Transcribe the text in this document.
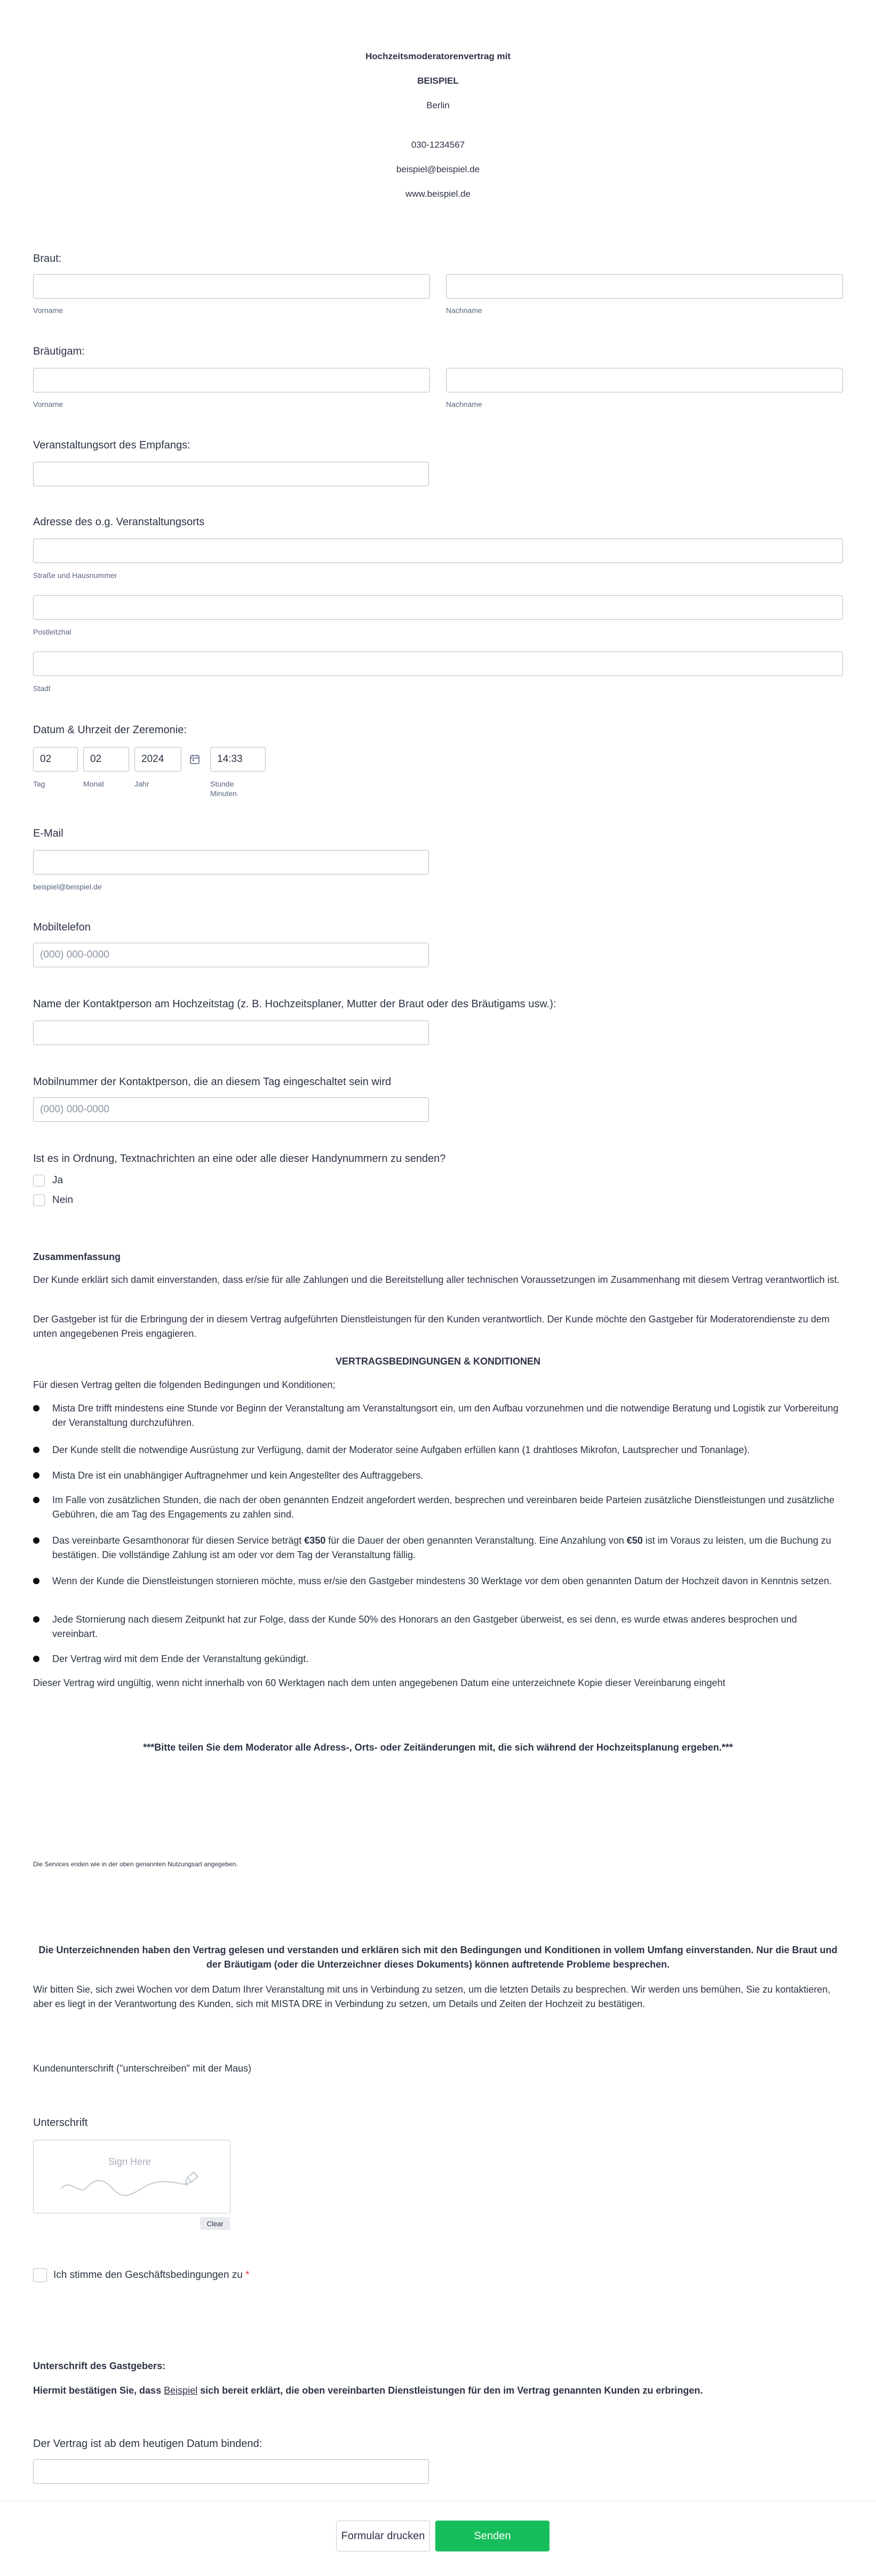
Hochzeitsmoderatorenvertrag mit
BEISPIEL
Berlin
030-1234567
beispiel@beispiel.de
www.beispiel.de
Braut:
Vorname	Nachname
Bräutigam:
Vorname	Nachname
Veranstaltungsort des Empfangs:
Adresse des o.g. Veranstaltungsorts
Straße und Hausnummer
Postleitzhal
Stadt
Datum & Uhrzeit der Zeremonie:
02	02	2024	14:33
Tag	Monat	Jahr	Stunde
Minuten
E-Mail
beispiel@beispiel.de
Mobiltelefon
(000) 000-0000
Name der Kontaktperson am Hochzeitstag (z. B. Hochzeitsplaner, Mutter der Braut oder des Bräutigams usw.):
Mobilnummer der Kontaktperson, die an diesem Tag eingeschaltet sein wird
(000) 000-0000
Ist es in Ordnung, Textnachrichten an eine oder alle dieser Handynummern zu senden?
Ja
Nein
Zusammenfassung
Der Kunde erklärt sich damit einverstanden, dass er/sie für alle Zahlungen und die Bereitstellung aller technischen Voraussetzungen im Zusammenhang mit diesem Vertrag verantwortlich ist.
Der Gastgeber ist für die Erbringung der in diesem Vertrag aufgeführten Dienstleistungen für den Kunden verantwortlich. Der Kunde möchte den Gastgeber für Moderatorendienste zu dem unten angegebenen Preis engagieren.
VERTRAGSBEDINGUNGEN & KONDITIONEN
Für diesen Vertrag gelten die folgenden Bedingungen und Konditionen;
Mista Dre trifft mindestens eine Stunde vor Beginn der Veranstaltung am Veranstaltungsort ein, um den Aufbau vorzunehmen und die notwendige Beratung und Logistik zur Vorbereitung der Veranstaltung durchzuführen.
Der Kunde stellt die notwendige Ausrüstung zur Verfügung, damit der Moderator seine Aufgaben erfüllen kann (1 drahtloses Mikrofon, Lautsprecher und Tonanlage).
Mista Dre ist ein unabhängiger Auftragnehmer und kein Angestellter des Auftraggebers.
Im Falle von zusätzlichen Stunden, die nach der oben genannten Endzeit angefordert werden, besprechen und vereinbaren beide Parteien zusätzliche Dienstleistungen und zusätzliche Gebühren, die am Tag des Engagements zu zahlen sind.
Das vereinbarte Gesamthonorar für diesen Service beträgt €350 für die Dauer der oben genannten Veranstaltung. Eine Anzahlung von €50 ist im Voraus zu leisten, um die Buchung zu bestätigen. Die vollständige Zahlung ist am oder vor dem Tag der Veranstaltung fällig.
Wenn der Kunde die Dienstleistungen stornieren möchte, muss er/sie den Gastgeber mindestens 30 Werktage vor dem oben genannten Datum der Hochzeit davon in Kenntnis setzen.
Jede Stornierung nach diesem Zeitpunkt hat zur Folge, dass der Kunde 50% des Honorars an den Gastgeber überweist, es sei denn, es wurde etwas anderes besprochen und vereinbart.
Der Vertrag wird mit dem Ende der Veranstaltung gekündigt.
Dieser Vertrag wird ungültig, wenn nicht innerhalb von 60 Werktagen nach dem unten angegebenen Datum eine unterzeichnete Kopie dieser Vereinbarung eingeht
***Bitte teilen Sie dem Moderator alle Adress-, Orts- oder Zeitänderungen mit, die sich während der Hochzeitsplanung ergeben.***
Die Services enden wie in der oben genannten Nutzungsart angegeben.
Die Unterzeichnenden haben den Vertrag gelesen und verstanden und erklären sich mit den Bedingungen und Konditionen in vollem Umfang einverstanden. Nur die Braut und der Bräutigam (oder die Unterzeichner dieses Dokuments) können auftretende Probleme besprechen.
Wir bitten Sie, sich zwei Wochen vor dem Datum Ihrer Veranstaltung mit uns in Verbindung zu setzen, um die letzten Details zu besprechen. Wir werden uns bemühen, Sie zu kontaktieren, aber es liegt in der Verantwortung des Kunden, sich mit MISTA DRE in Verbindung zu setzen, um Details und Zeiten der Hochzeit zu bestätigen.
Kundenunterschrift ("unterschreiben" mit der Maus)
Unterschrift
Sign Here
Clear
Ich stimme den Geschäftsbedingungen zu *
Unterschrift des Gastgebers:
Hiermit bestätigen Sie, dass Beispiel sich bereit erklärt, die oben vereinbarten Dienstleistungen für den im Vertrag genannten Kunden zu erbringen.
Der Vertrag ist ab dem heutigen Datum bindend:
Formular drucken	Senden
